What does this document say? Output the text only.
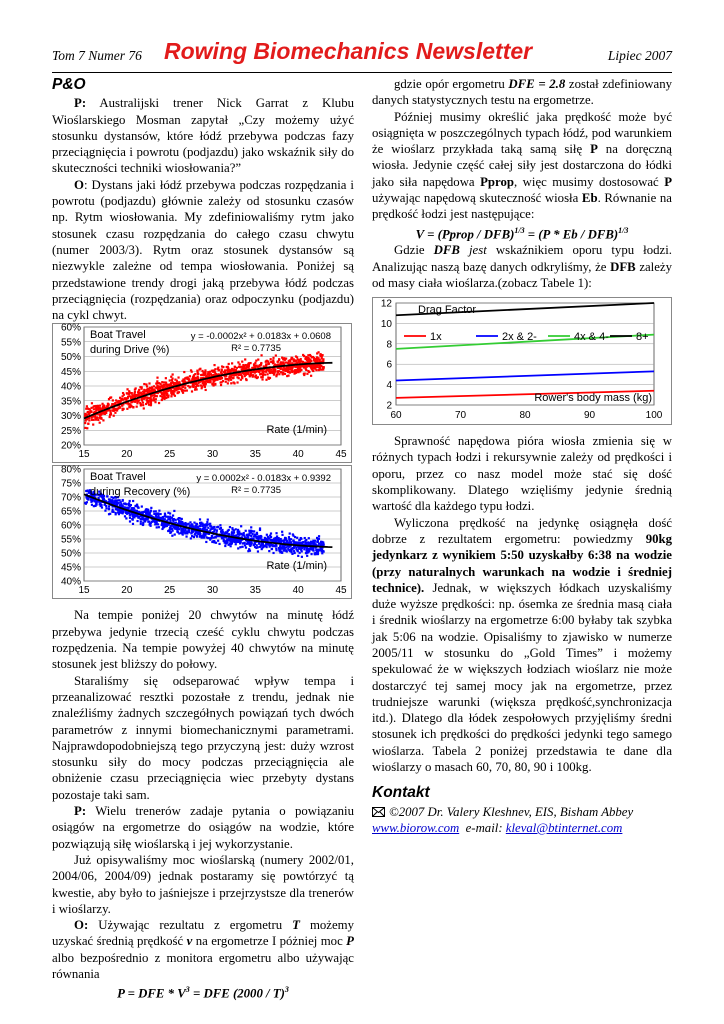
Tom 7 Numer 76 Rowing Biomechanics Newsletter	Lipiec 2007
P&O

P: Australijski trener Nick Garrat z Klubu Wioślarskiego Mosman zapytał „Czy możemy użyć stosunku dystansów, które łódź przebywa podczas fazy przeciągnięcia i powrotu (podjazdu) jako wskaźnik siły do skuteczności techniki wiosłowania?”

O: Dystans jaki łódź przebywa podczas rozpędzania i powrotu (podjazdu) głównie zależy od stosunku czasów np. Rytm wiosłowania. My zdefiniowaliśmy rytm jako stosunek czasu rozpędzania do całego czasu chwytu (numer 2003/3). Rytm oraz stosunek dystansów są niezwykle zależne od tempa wiosłowania. Poniżej są przedstawione trendy drogi jaką przebywa łódź podczas przeciągnięcia (rozpędzania) oraz odpoczynku (podjazdu) na cykl chwyt.

20%
25%
30%
35%
40%
45%
50%
55%
60%
15	20	25	30	35	40	45
Boat Travel
during Drive (%)
y = -0.0002x² + 0.0183x + 0.0608
R² = 0.7735
Rate (1/min)
40%
45%
50%
55%
60%
65%
70%
75%
80%
15	20	25	30	35	40	45
Boat Travel
during Recovery (%)
y = 0.0002x² - 0.0183x + 0.9392
R² = 0.7735
Rate (1/min)

Na tempie poniżej 20 chwytów na minutę łódź przebywa jedynie trzecią cześć cyklu chwytu podczas rozpędzenia. Na tempie powyżej 40 chwytów na minutę stosunek jest bliższy do połowy.

Staraliśmy się odseparować wpływ tempa i przeanalizować resztki pozostałe z trendu, jednak nie znaleźliśmy żadnych szczegółnych powiązań tych dwóch parametrów z innymi biomechanicznymi parametrami. Najprawdopodobniejszą tego przyczyną jest: duży wzrost stosunku siły do mocy podczas przeciągnięcia ale obniżenie czasu przeciągnięcia wiec przebyty dystans pozostaje taki sam.

P: Wielu trenerów zadaje pytania o powiązaniu osiągów na ergometrze do osiągów na wodzie, które pozwiązują siłę wioślarską i jej wykorzystanie.

Już opisywaliśmy moc wioślarską (numery 2002/01, 2004/06, 2004/09) jednak postaramy się powtórzyć tą kwestie, aby było to jaśniejsze i przejrzystsze dla trenerów i wioślarzy.

O: Używając rezultatu z ergometru T możemy uzyskać średnią prędkość v na ergometrze I póżniej moc P albo bezpośrednio z monitora ergometru albo używając równania

P = DFE * $V^3$ = DFE (2000 / T)$^3$

gdzie opór ergometru DFE = 2.8 został zdefiniowany danych statystycznych testu na ergometrze.

Później musimy określić jaka prędkość może być osiągnięta w poszczególnych typach łódź, pod warunkiem że wioślarz przykłada taką samą siłę P na doręczną wiosła. Jedynie część całej siły jest dostarczona do łódki jako siła napędowa Pprop, więc musimy dostosować P używając napędową skuteczność wiosła Eb. Równanie na prędkość łodzi jest następujące:

V = (Pprop / DFB)$^{1/3}$ = (P * Eb / DFB)$^{1/3}$

Gdzie DFB jest wskaźnikiem oporu typu łodzi. Analizując naszą bazę danych odkryliśmy, że DFB zależy od masy ciała wioślarza.(zobacz Tabele 1):

2
4
6
8
10
12
60	70	80	90	100
Drag Factor
1x	2x & 2-	4x & 4- 8+
Rower's body mass (kg)

Sprawność napędowa pióra wiosła zmienia się w różnych typach łodzi i rekursywnie zależy od prędkości i oporu, przez co nasz model może stać się dość skomplikowany. Dlatego wzięliśmy jedynie średnią wartość dla każdego typu łodzi.

Wyliczona prędkość na jedynkę osiągnęła dość dobrze z rezultatem ergometru: powiedzmy 90kg jedynkarz z wynikiem 5:50 uzyskałby 6:38 na wodzie (przy naturalnych warunkach na wodzie i średniej technice). Jednak, w większych łódkach uzyskaliśmy duże wyższe prędkości: np. ósemka ze średnia masą ciała i średnik wioślarzy na ergometrze 6:00 byłaby tak szybka jak 5:06 na wodzie. Opisaliśmy to zjawisko w numerze 2005/11 w stosunku do „Gold Times” i możemy spekulować że w większych łodziach wioślarz nie może dostarczyć tej samej mocy jak na ergometrze, przez trudniejsze warunki (większa prędkość,synchronizacja itd.). Dlatego dla łódek zespołowych przyjęliśmy średni stosunek ich prędkości do prędkości jedynki tego samego wioślarza. Tabela 2 poniżej przedstawia te dane dla wioślarzy o masach 60, 70, 80, 90 i 100kg.

Kontakt

©2007 Dr. Valery Kleshnev, EIS, Bisham Abbey

www.biorow.com e-mail: kleval@btinternet.com
